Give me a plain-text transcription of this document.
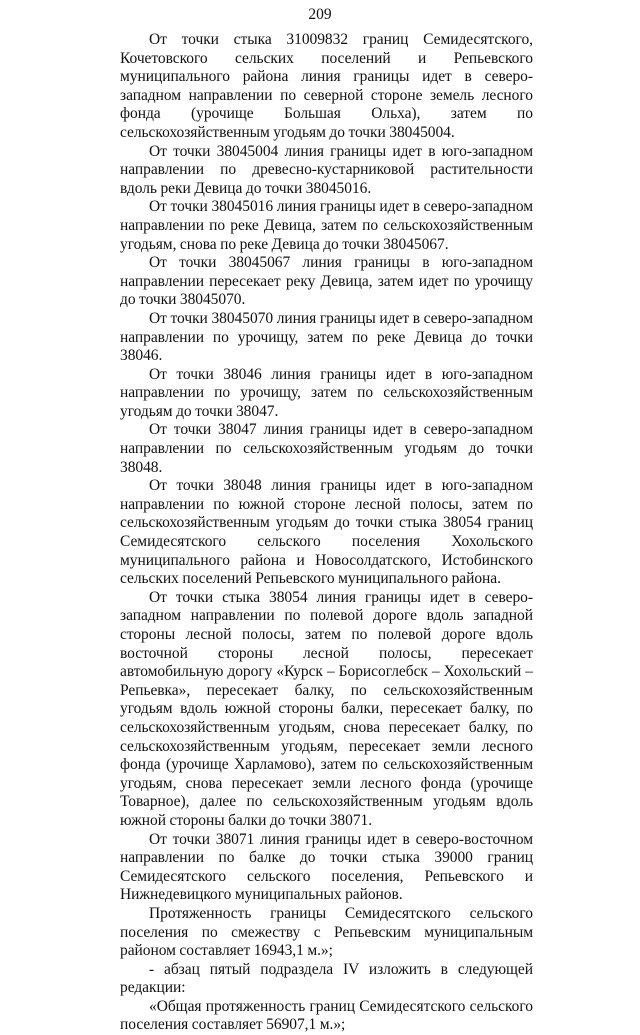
209

От точки стыка 31009832 границ Семидесятского, Кочетовского сельских поселений и Репьевского муниципального района линия границы идет в северо-западном направлении по северной стороне земель лесного фонда (урочище Большая Ольха), затем по сельскохозяйственным угодьям до точки 38045004.

От точки 38045004 линия границы идет в юго-западном направлении по древесно-кустарниковой растительности вдоль реки Девица до точки 38045016.

От точки 38045016 линия границы идет в северо-западном направлении по реке Девица, затем по сельскохозяйственным угодьям, снова по реке Девица до точки 38045067.

От точки 38045067 линия границы в юго-западном направлении пересекает реку Девица, затем идет по урочищу до точки 38045070.

От точки 38045070 линия границы идет в северо-западном направлении по урочищу, затем по реке Девица до точки 38046.

От точки 38046 линия границы идет в юго-западном направлении по урочищу, затем по сельскохозяйственным угодьям до точки 38047.

От точки 38047 линия границы идет в северо-западном направлении по сельскохозяйственным угодьям до точки 38048.

От точки 38048 линия границы идет в юго-западном направлении по южной стороне лесной полосы, затем по сельскохозяйственным угодьям до точки стыка 38054 границ Семидесятского сельского поселения Хохольского муниципального района и Новосолдатского, Истобинского сельских поселений Репьевского муниципального района.

От точки стыка 38054 линия границы идет в северо-западном направлении по полевой дороге вдоль западной стороны лесной полосы, затем по полевой дороге вдоль восточной стороны лесной полосы, пересекает автомобильную дорогу «Курск – Борисоглебск – Хохольский – Репьевка», пересекает балку, по сельскохозяйственным угодьям вдоль южной стороны балки, пересекает балку, по сельскохозяйственным угодьям, снова пересекает балку, по сельскохозяйственным угодьям, пересекает земли лесного фонда (урочище Харламово), затем по сельскохозяйственным угодьям, снова пересекает земли лесного фонда (урочище Товарное), далее по сельскохозяйственным угодьям вдоль южной стороны балки до точки 38071.

От точки 38071 линия границы идет в северо-восточном направлении по балке до точки стыка 39000 границ Семидесятского сельского поселения, Репьевского и Нижнедевицкого муниципальных районов.

Протяженность границы Семидесятского сельского поселения по смежеству с Репьевским муниципальным районом составляет 16943,1 м.»;

- абзац пятый подраздела IV изложить в следующей редакции:

«Общая протяженность границ Семидесятского сельского поселения составляет 56907,1 м.»;
